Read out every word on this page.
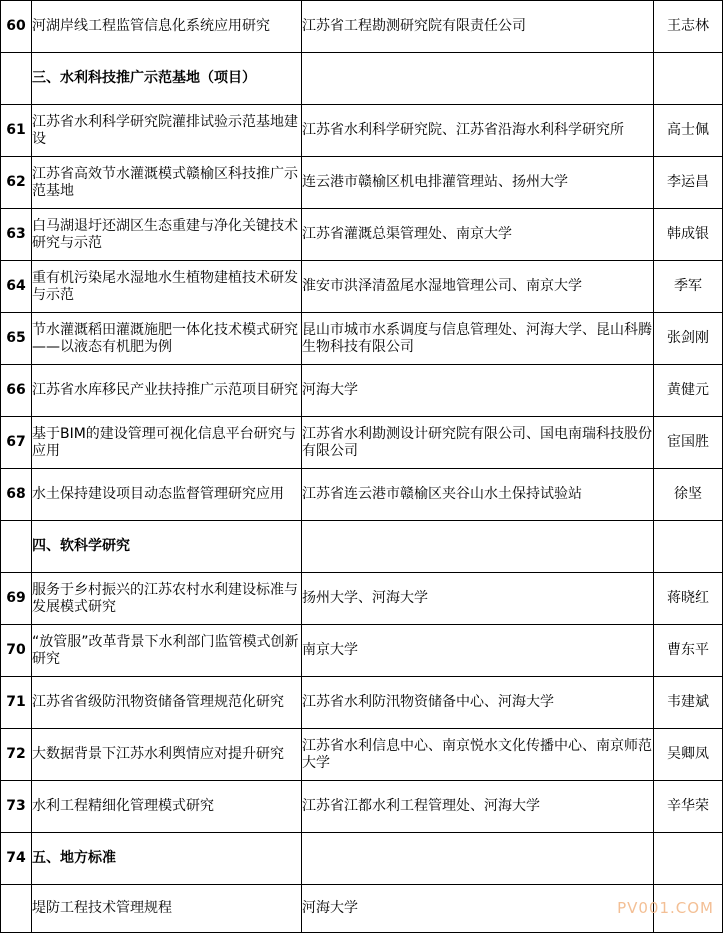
60	河湖岸线工程监管信息化系统应用研究	江苏省工程勘测研究院有限责任公司	王志林
	三、水利科技推广示范基地（项目）		
61	江苏省水利科学研究院灌排试验示范基地建设	江苏省水利科学研究院、江苏省沿海水利科学研究所	高士佩
62	江苏省高效节水灌溉模式赣榆区科技推广示范基地	连云港市赣榆区机电排灌管理站、扬州大学	李运昌
63	白马湖退圩还湖区生态重建与净化关键技术研究与示范	江苏省灌溉总渠管理处、南京大学	韩成银
64	重有机污染尾水湿地水生植物建植技术研发与示范	淮安市洪泽清盈尾水湿地管理公司、南京大学	季军
65	节水灌溉稻田灌溉施肥一体化技术模式研究 ——以液态有机肥为例	昆山市城市水系调度与信息管理处、河海大学、昆山科腾生物科技有限公司	张剑刚
66	江苏省水库移民产业扶持推广示范项目研究	河海大学	黄健元
67	基于BIM的建设管理可视化信息平台研究与应用	江苏省水利勘测设计研究院有限公司、国电南瑞科技股份有限公司	宦国胜
68	水土保持建设项目动态监督管理研究应用	江苏省连云港市赣榆区夹谷山水土保持试验站	徐坚
	四、软科学研究		
69	服务于乡村振兴的江苏农村水利建设标准与发展模式研究	扬州大学、河海大学	蒋晓红
70	“放管服”改革背景下水利部门监管模式创新研究	南京大学	曹东平
71	江苏省省级防汛物资储备管理规范化研究	江苏省水利防汛物资储备中心、河海大学	韦建斌
72	大数据背景下江苏水利舆情应对提升研究	江苏省水利信息中心、南京悦水文化传播中心、南京师范大学	吴卿凤
73	水利工程精细化管理模式研究	江苏省江都水利工程管理处、河海大学	辛华荣
74	五、地方标准		
	堤防工程技术管理规程	河海大学		PV001.COM
